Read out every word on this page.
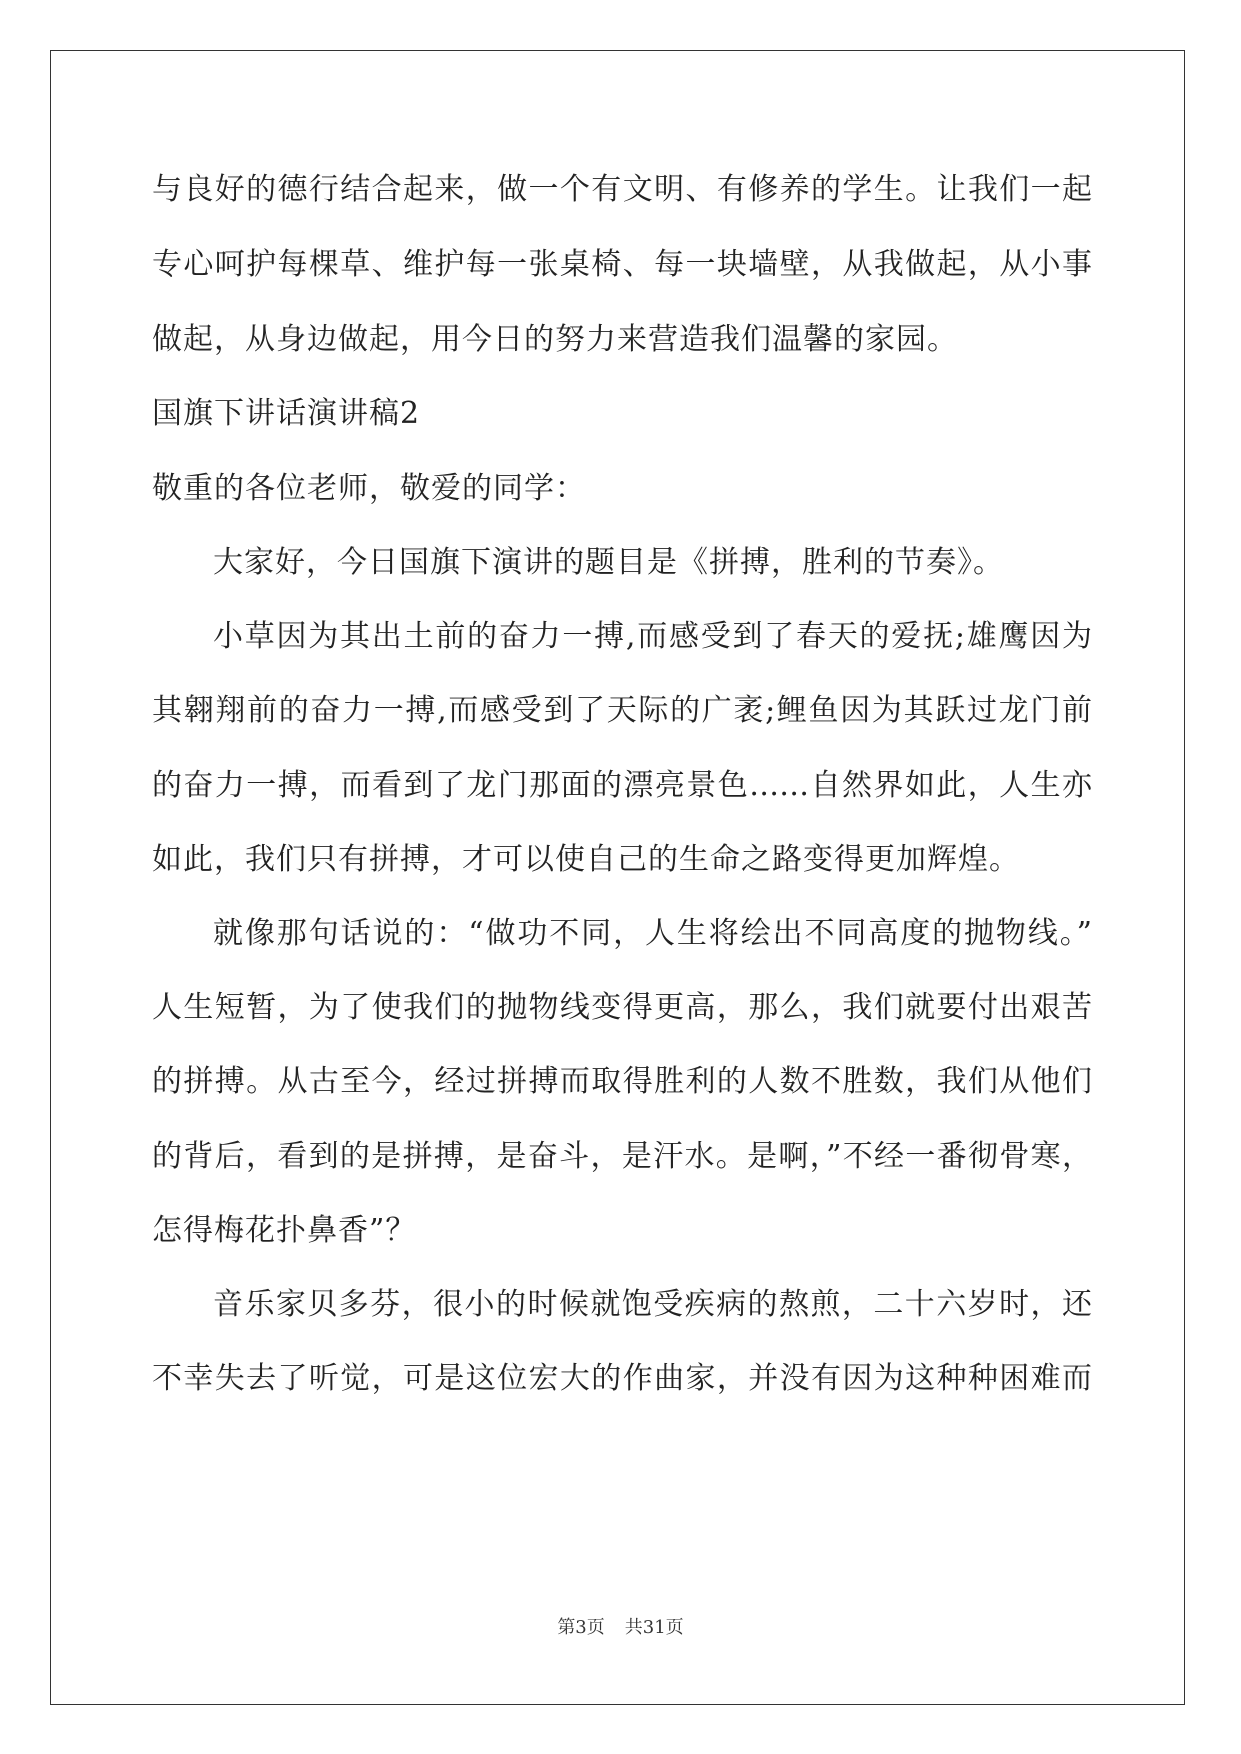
与良好的德行结合起来，做一个有文明、有修养的学生。让我们一起
专心呵护每棵草、维护每一张桌椅、每一块墙壁，从我做起，从小事
做起，从身边做起，用今日的努力来营造我们温馨的家园。
国旗下讲话演讲稿2
敬重的各位老师，敬爱的同学：
大家好，今日国旗下演讲的题目是《拼搏，胜利的节奏》。
小草因为其出土前的奋力一搏,而感受到了春天的爱抚;雄鹰因为
其翱翔前的奋力一搏,而感受到了天际的广袤;鲤鱼因为其跃过龙门前
的奋力一搏，而看到了龙门那面的漂亮景色……自然界如此，人生亦
如此，我们只有拼搏，才可以使自己的生命之路变得更加辉煌。
就像那句话说的：“做功不同，人生将绘出不同高度的抛物线。”
人生短暂，为了使我们的抛物线变得更高，那么，我们就要付出艰苦
的拼搏。从古至今，经过拼搏而取得胜利的人数不胜数，我们从他们
的背后，看到的是拼搏，是奋斗，是汗水。是啊，”不经一番彻骨寒，
怎得梅花扑鼻香”？
音乐家贝多芬，很小的时候就饱受疾病的熬煎，二十六岁时，还
不幸失去了听觉，可是这位宏大的作曲家，并没有因为这种种困难而
第3页 共31页
